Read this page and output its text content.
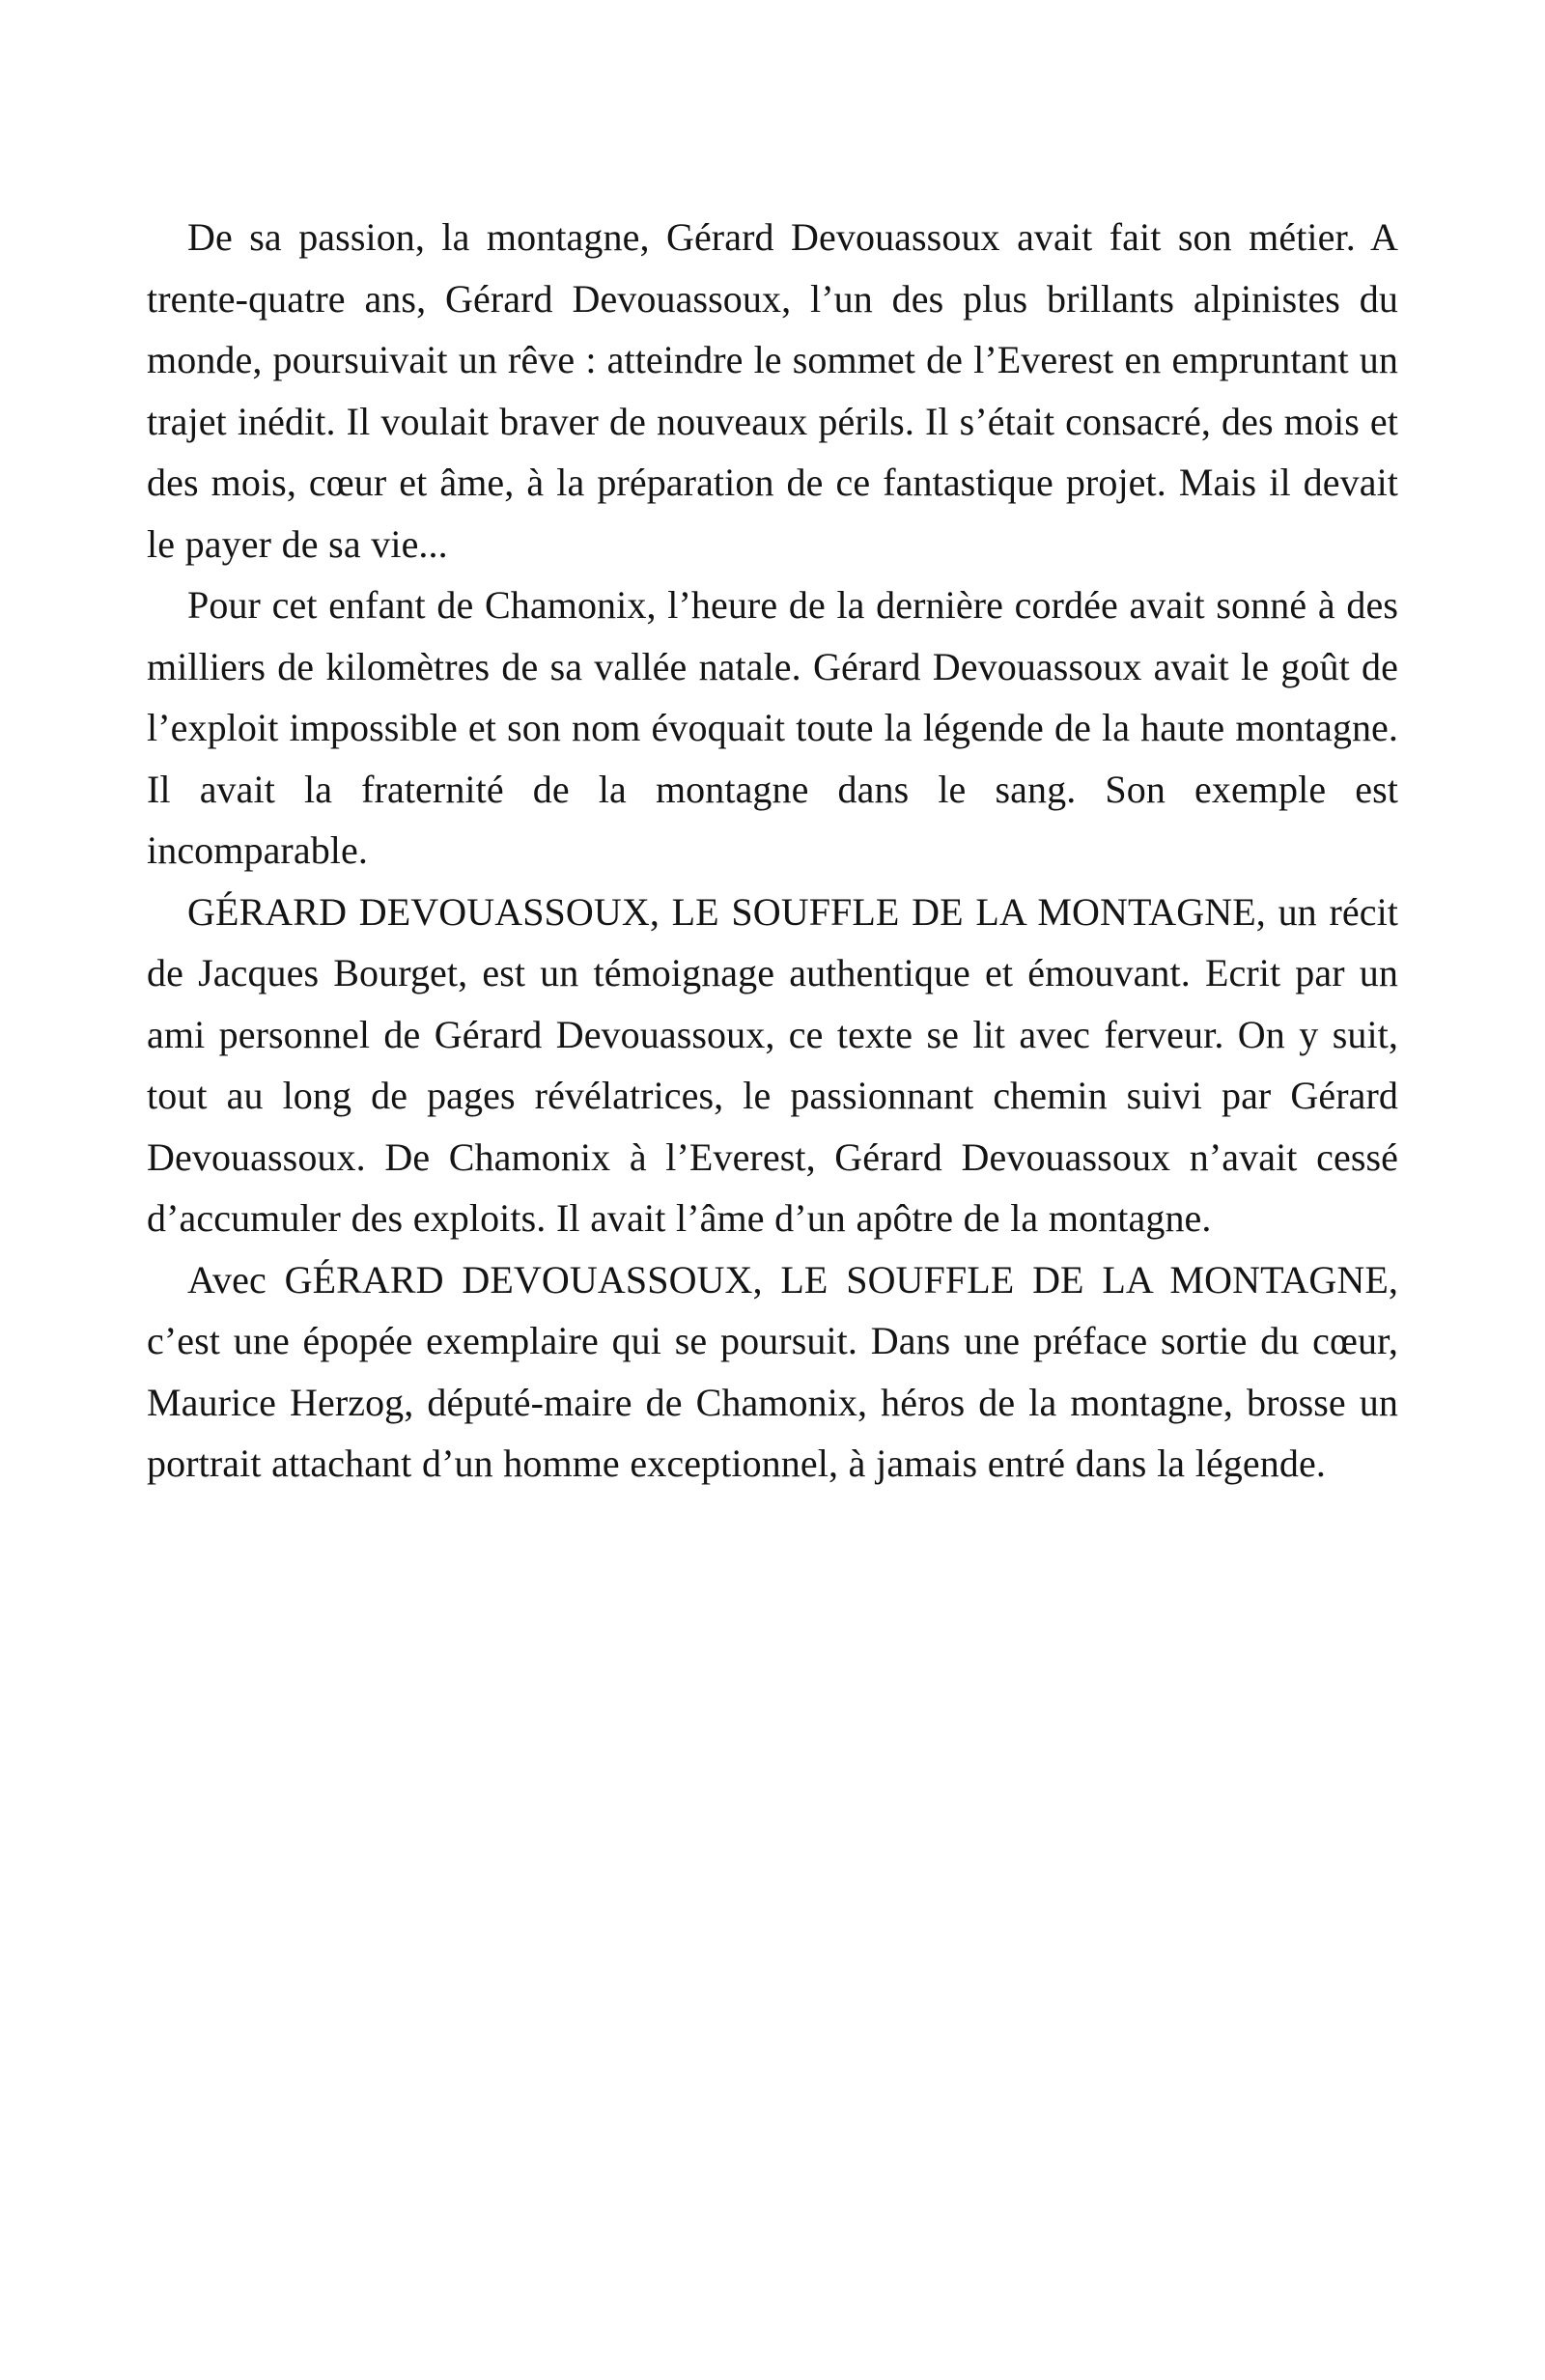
De sa passion, la montagne, Gérard Devouassoux avait fait son métier. A trente-quatre ans, Gérard Devouassoux, l’un des plus brillants alpinistes du monde, poursuivait un rêve : atteindre le sommet de l’Everest en empruntant un trajet inédit. Il voulait braver de nouveaux périls. Il s’était consacré, des mois et des mois, cœur et âme, à la préparation de ce fantastique projet. Mais il devait le payer de sa vie...

Pour cet enfant de Chamonix, l’heure de la dernière cordée avait sonné à des milliers de kilomètres de sa vallée natale. Gérard Devouassoux avait le goût de l’exploit impossible et son nom évoquait toute la légende de la haute montagne. Il avait la fraternité de la montagne dans le sang. Son exemple est incomparable.

GÉRARD DEVOUASSOUX, LE SOUFFLE DE LA MONTAGNE, un récit de Jacques Bourget, est un témoignage authentique et émouvant. Ecrit par un ami personnel de Gérard Devouassoux, ce texte se lit avec ferveur. On y suit, tout au long de pages révélatrices, le passionnant chemin suivi par Gérard Devouassoux. De Chamonix à l’Everest, Gérard Devouassoux n’avait cessé d’accumuler des exploits. Il avait l’âme d’un apôtre de la montagne.

Avec GÉRARD DEVOUASSOUX, LE SOUFFLE DE LA MONTAGNE, c’est une épopée exemplaire qui se poursuit. Dans une préface sortie du cœur, Maurice Herzog, député-maire de Chamonix, héros de la montagne, brosse un portrait attachant d’un homme exceptionnel, à jamais entré dans la légende.
